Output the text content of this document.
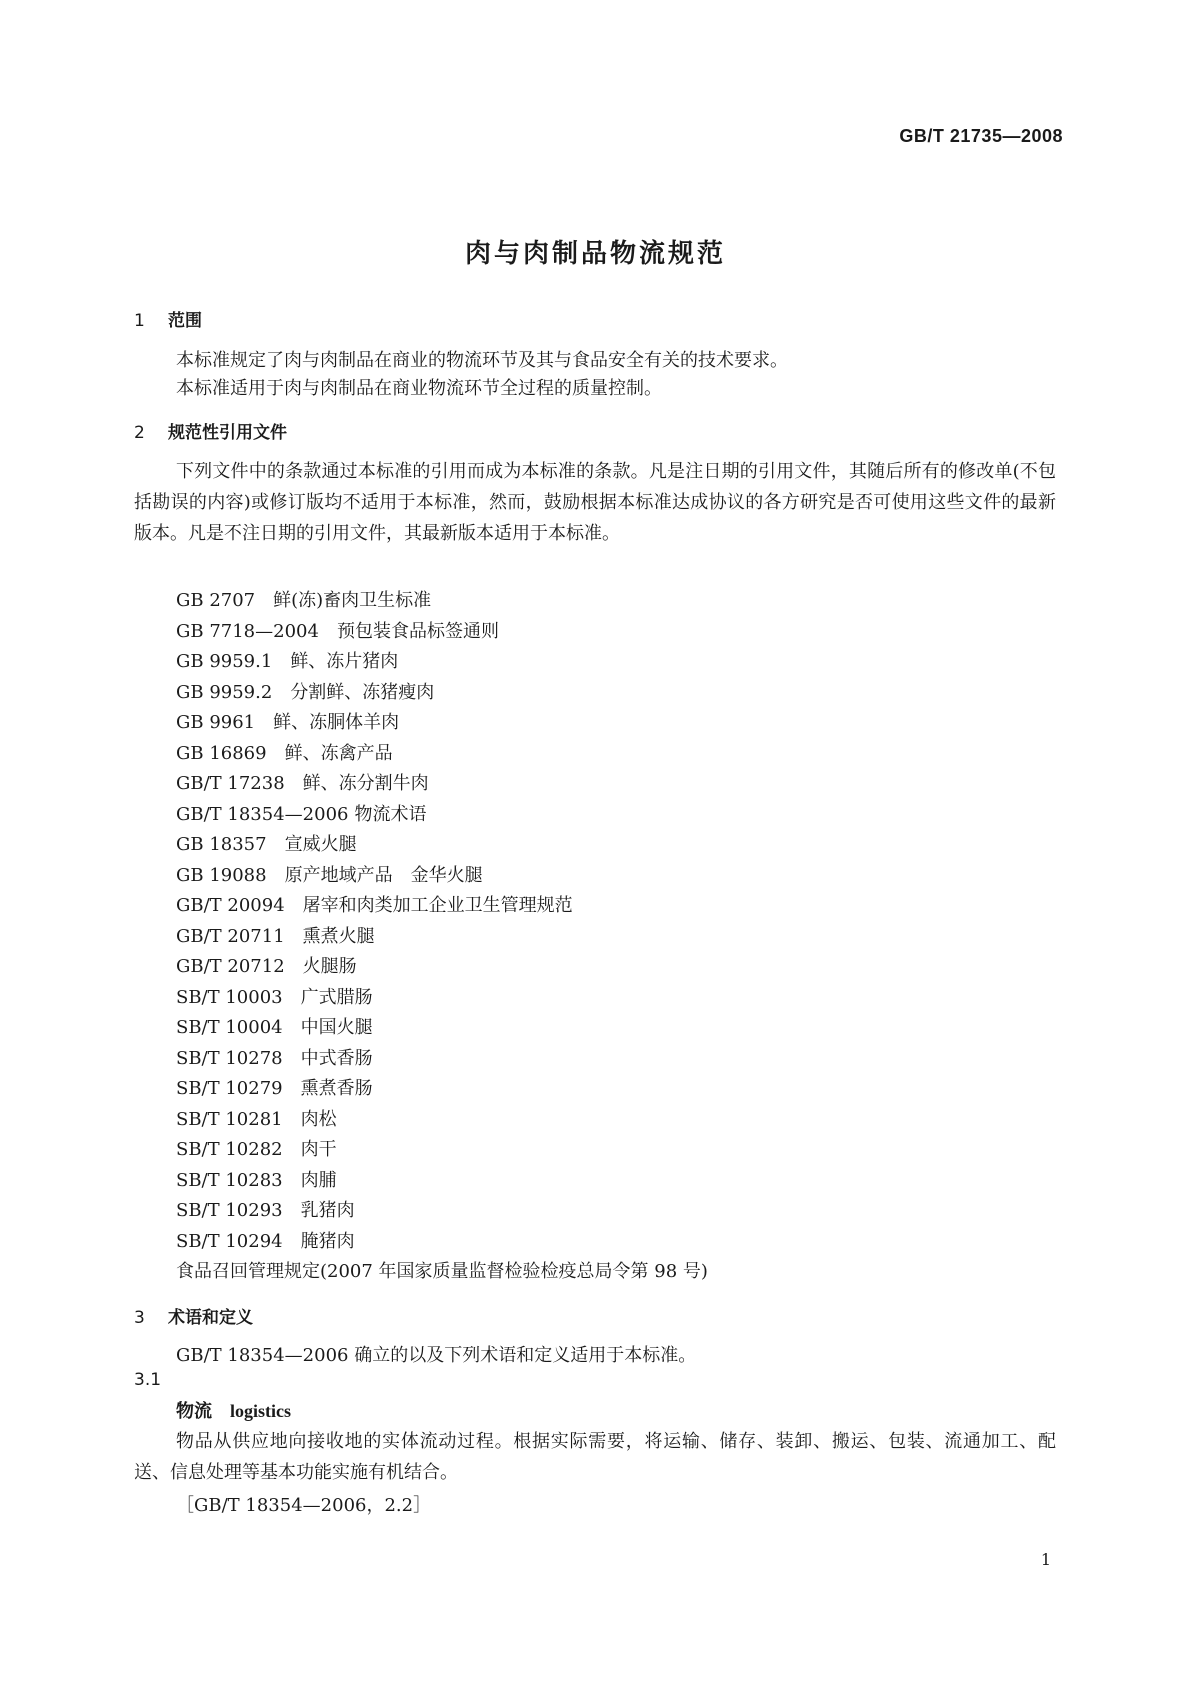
GB/T 21735—2008
肉与肉制品物流规范
1 范围
本标准规定了肉与肉制品在商业的物流环节及其与食品安全有关的技术要求。
本标准适用于肉与肉制品在商业物流环节全过程的质量控制。
2 规范性引用文件
下列文件中的条款通过本标准的引用而成为本标准的条款。凡是注日期的引用文件，其随后所有的修改单(不包括勘误的内容)或修订版均不适用于本标准，然而，鼓励根据本标准达成协议的各方研究是否可使用这些文件的最新版本。凡是不注日期的引用文件，其最新版本适用于本标准。
GB 2707 鲜(冻)畜肉卫生标准
GB 7718—2004 预包装食品标签通则
GB 9959.1 鲜、冻片猪肉
GB 9959.2 分割鲜、冻猪瘦肉
GB 9961 鲜、冻胴体羊肉
GB 16869 鲜、冻禽产品
GB/T 17238 鲜、冻分割牛肉
GB/T 18354—2006 物流术语
GB 18357 宣威火腿
GB 19088 原产地域产品　金华火腿
GB/T 20094 屠宰和肉类加工企业卫生管理规范
GB/T 20711 熏煮火腿
GB/T 20712 火腿肠
SB/T 10003 广式腊肠
SB/T 10004 中国火腿
SB/T 10278 中式香肠
SB/T 10279 熏煮香肠
SB/T 10281 肉松
SB/T 10282 肉干
SB/T 10283 肉脯
SB/T 10293 乳猪肉
SB/T 10294 腌猪肉
食品召回管理规定(2007 年国家质量监督检验检疫总局令第 98 号)
3 术语和定义
GB/T 18354—2006 确立的以及下列术语和定义适用于本标准。
3.1
物流 logistics
物品从供应地向接收地的实体流动过程。根据实际需要，将运输、储存、装卸、搬运、包装、流通加工、配送、信息处理等基本功能实施有机结合。
［GB/T 18354—2006，2.2］
1
